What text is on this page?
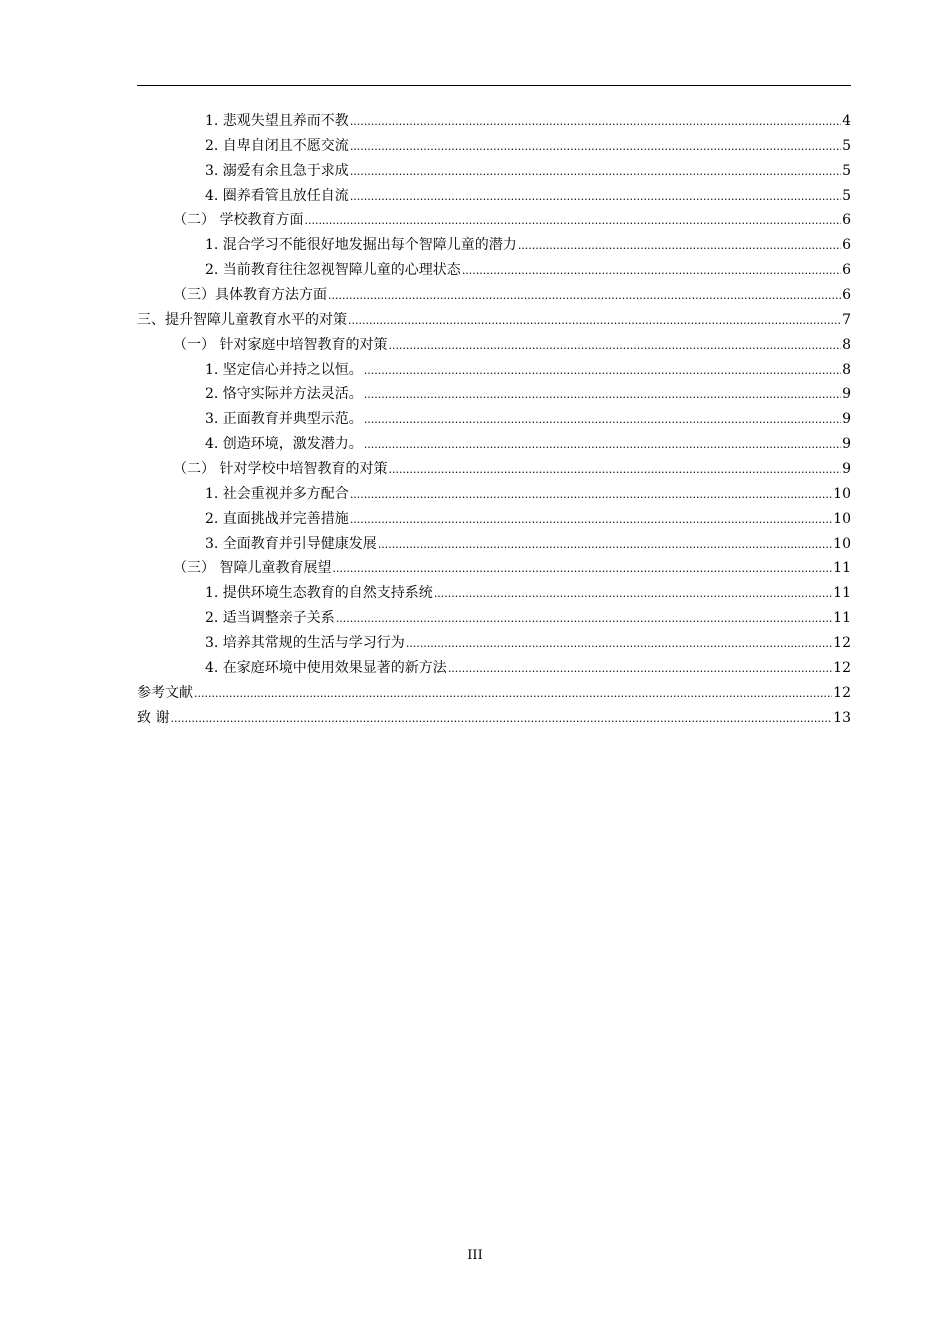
1. 悲观失望且养而不教 .....	4
2. 自卑自闭且不愿交流 .....	5
3. 溺爱有余且急于求成 .....	5
4. 圈养看管且放任自流 .....	5
（二） 学校教育方面 .....	6
1. 混合学习不能很好地发掘出每个智障儿童的潜力 .....	6
2. 当前教育往往忽视智障儿童的心理状态 .....	6
（三）具体教育方法方面 .....	6
三、提升智障儿童教育水平的对策 .....	7
（一） 针对家庭中培智教育的对策 .....	8
1. 坚定信心并持之以恒。 .....	8
2. 恪守实际并方法灵活。 .....	9
3. 正面教育并典型示范。 .....	9
4. 创造环境，激发潜力。 .....	9
（二） 针对学校中培智教育的对策 .....	9
1. 社会重视并多方配合 .....	10
2. 直面挑战并完善措施 .....	10
3. 全面教育并引导健康发展 .....	10
（三） 智障儿童教育展望 .....	11
1. 提供环境生态教育的自然支持系统 .....	11
2. 适当调整亲子关系 .....	11
3. 培养其常规的生活与学习行为 .....	12
4. 在家庭环境中使用效果显著的新方法 .....	12
参考文献 .....	12
致 谢 .....	13
III
